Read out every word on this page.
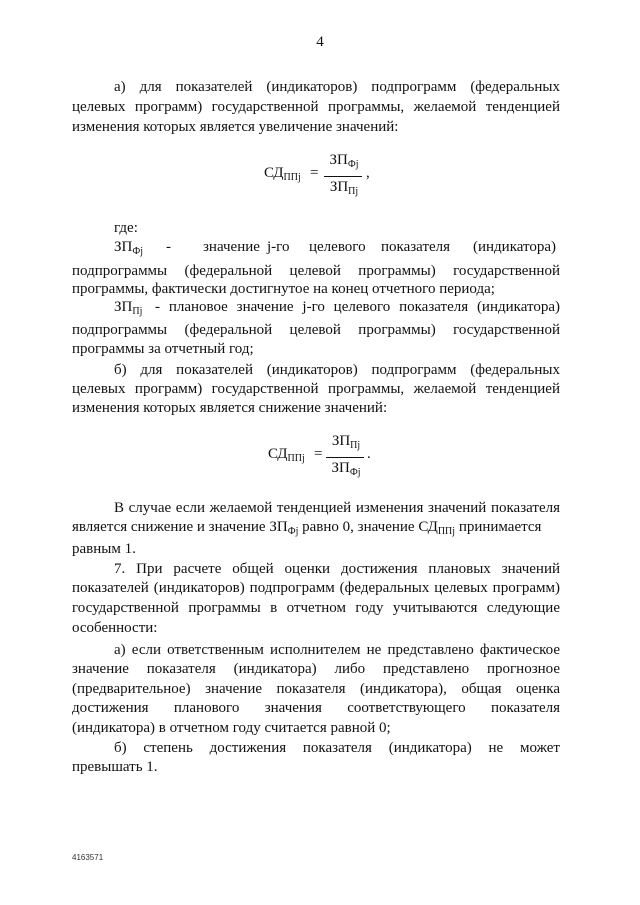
4
а) для показателей (индикаторов) подпрограмм (федеральных
целевых программ) государственной программы, желаемой тенденцией
изменения которых является увеличение значений:
$СД_{ППj}$ =
$ЗП_{Фj}$
$ЗП_{Пj}$
,
где:
$ЗП_{Фj}$ - значение j-го целевого показателя (индикатора)
подпрограммы (федеральной целевой программы) государственной
программы, фактически достигнутое на конец отчетного периода;
$ЗП_{Пj}$ - плановое значение j-го целевого показателя (индикатора)
подпрограммы (федеральной целевой программы) государственной
программы за отчетный год;
б) для показателей (индикаторов) подпрограмм (федеральных
целевых программ) государственной программы, желаемой тенденцией
изменения которых является снижение значений:
$СД_{ППj}$ =
$ЗП_{Пj}$
$ЗП_{Фj}$
.
В случае если желаемой тенденцией изменения значений показателя
является снижение и значение $ЗП_{Фj}$ равно 0, значение $СД_{ППj}$ принимается
равным 1.
7. При расчете общей оценки достижения плановых значений
показателей (индикаторов) подпрограмм (федеральных целевых программ)
государственной программы в отчетном году учитываются следующие
особенности:
а) если ответственным исполнителем не представлено фактическое
значение показателя (индикатора) либо представлено прогнозное
(предварительное) значение показателя (индикатора), общая оценка
достижения планового значения соответствующего показателя
(индикатора) в отчетном году считается равной 0;
б) степень достижения показателя (индикатора) не может
превышать 1.
4163571
